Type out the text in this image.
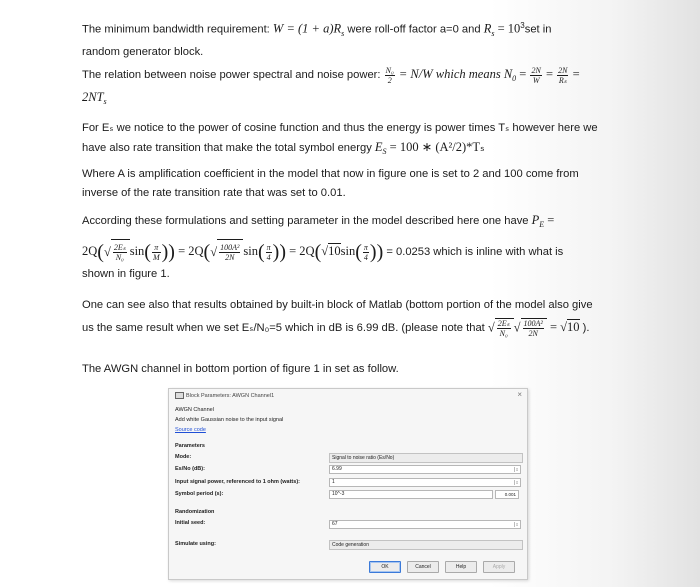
The minimum bandwidth requirement: $W = (1 + a)R_s$ were roll-off factor a=0 and $R_s = 10^3set$ in
random generator block.

The relation between noise power spectral and noise power: $\frac{\text{N₀}}{2} = N/W$ which means $N_0 = \frac{2N}{W} = \frac{2N}{\text{Rₛ}}$ =
$2NT_s$

For Eₛ we notice to the power of cosine function and thus the energy is power times Tₛ however here we
have also rate transition that make the total symbol energy $E_S = 100$ ∗ (A²/2)*Tₛ

Where A is amplification coefficient in the model that now in figure one is set to 2 and 100 come from
inverse of the rate transition rate that was set to 0.01.

According these formulations and setting parameter in the model described here one have $P_E$ =
$2Q(√ \frac{\text{2Eₛ}}{\text{N₀}} \sin( \frac{\pi}{M}$ )) = $2Q(√ \frac{\text{100A²}}{2N} \sin( \frac{\pi}{4}$ )) = $2Q(√10\sin( \frac{\pi}{4}$ )) = 0.0253 which is inline with what is
shown in figure 1.
One can see also that results obtained by built-in block of Matlab (bottom portion of the model also give
us the same result when we set Eₛ/N₀=5 which in dB is 6.99 dB. (please note that √ $\frac{\text{2Eₛ}}{\text{N₀}}$ √ $\frac{\text{100A²}}{2N} = √10$ ).

The AWGN channel in bottom portion of figure 1 in set as follow.

Block Parameters: AWGN Channel1	×
AWGN Channel
Add white Gaussian noise to the input signal
Source code
Parameters
Mode:	Signal to noise ratio (Es/No)
Es/No (dB):	6.99	⇕
Input signal power, referenced to 1 ohm (watts):	1	⇕
Symbol period (s):	10^-3	0.001
Randomization
Initial seed:	67	⇕
Simulate using:	Code generation
OK	Cancel	Help	Apply
